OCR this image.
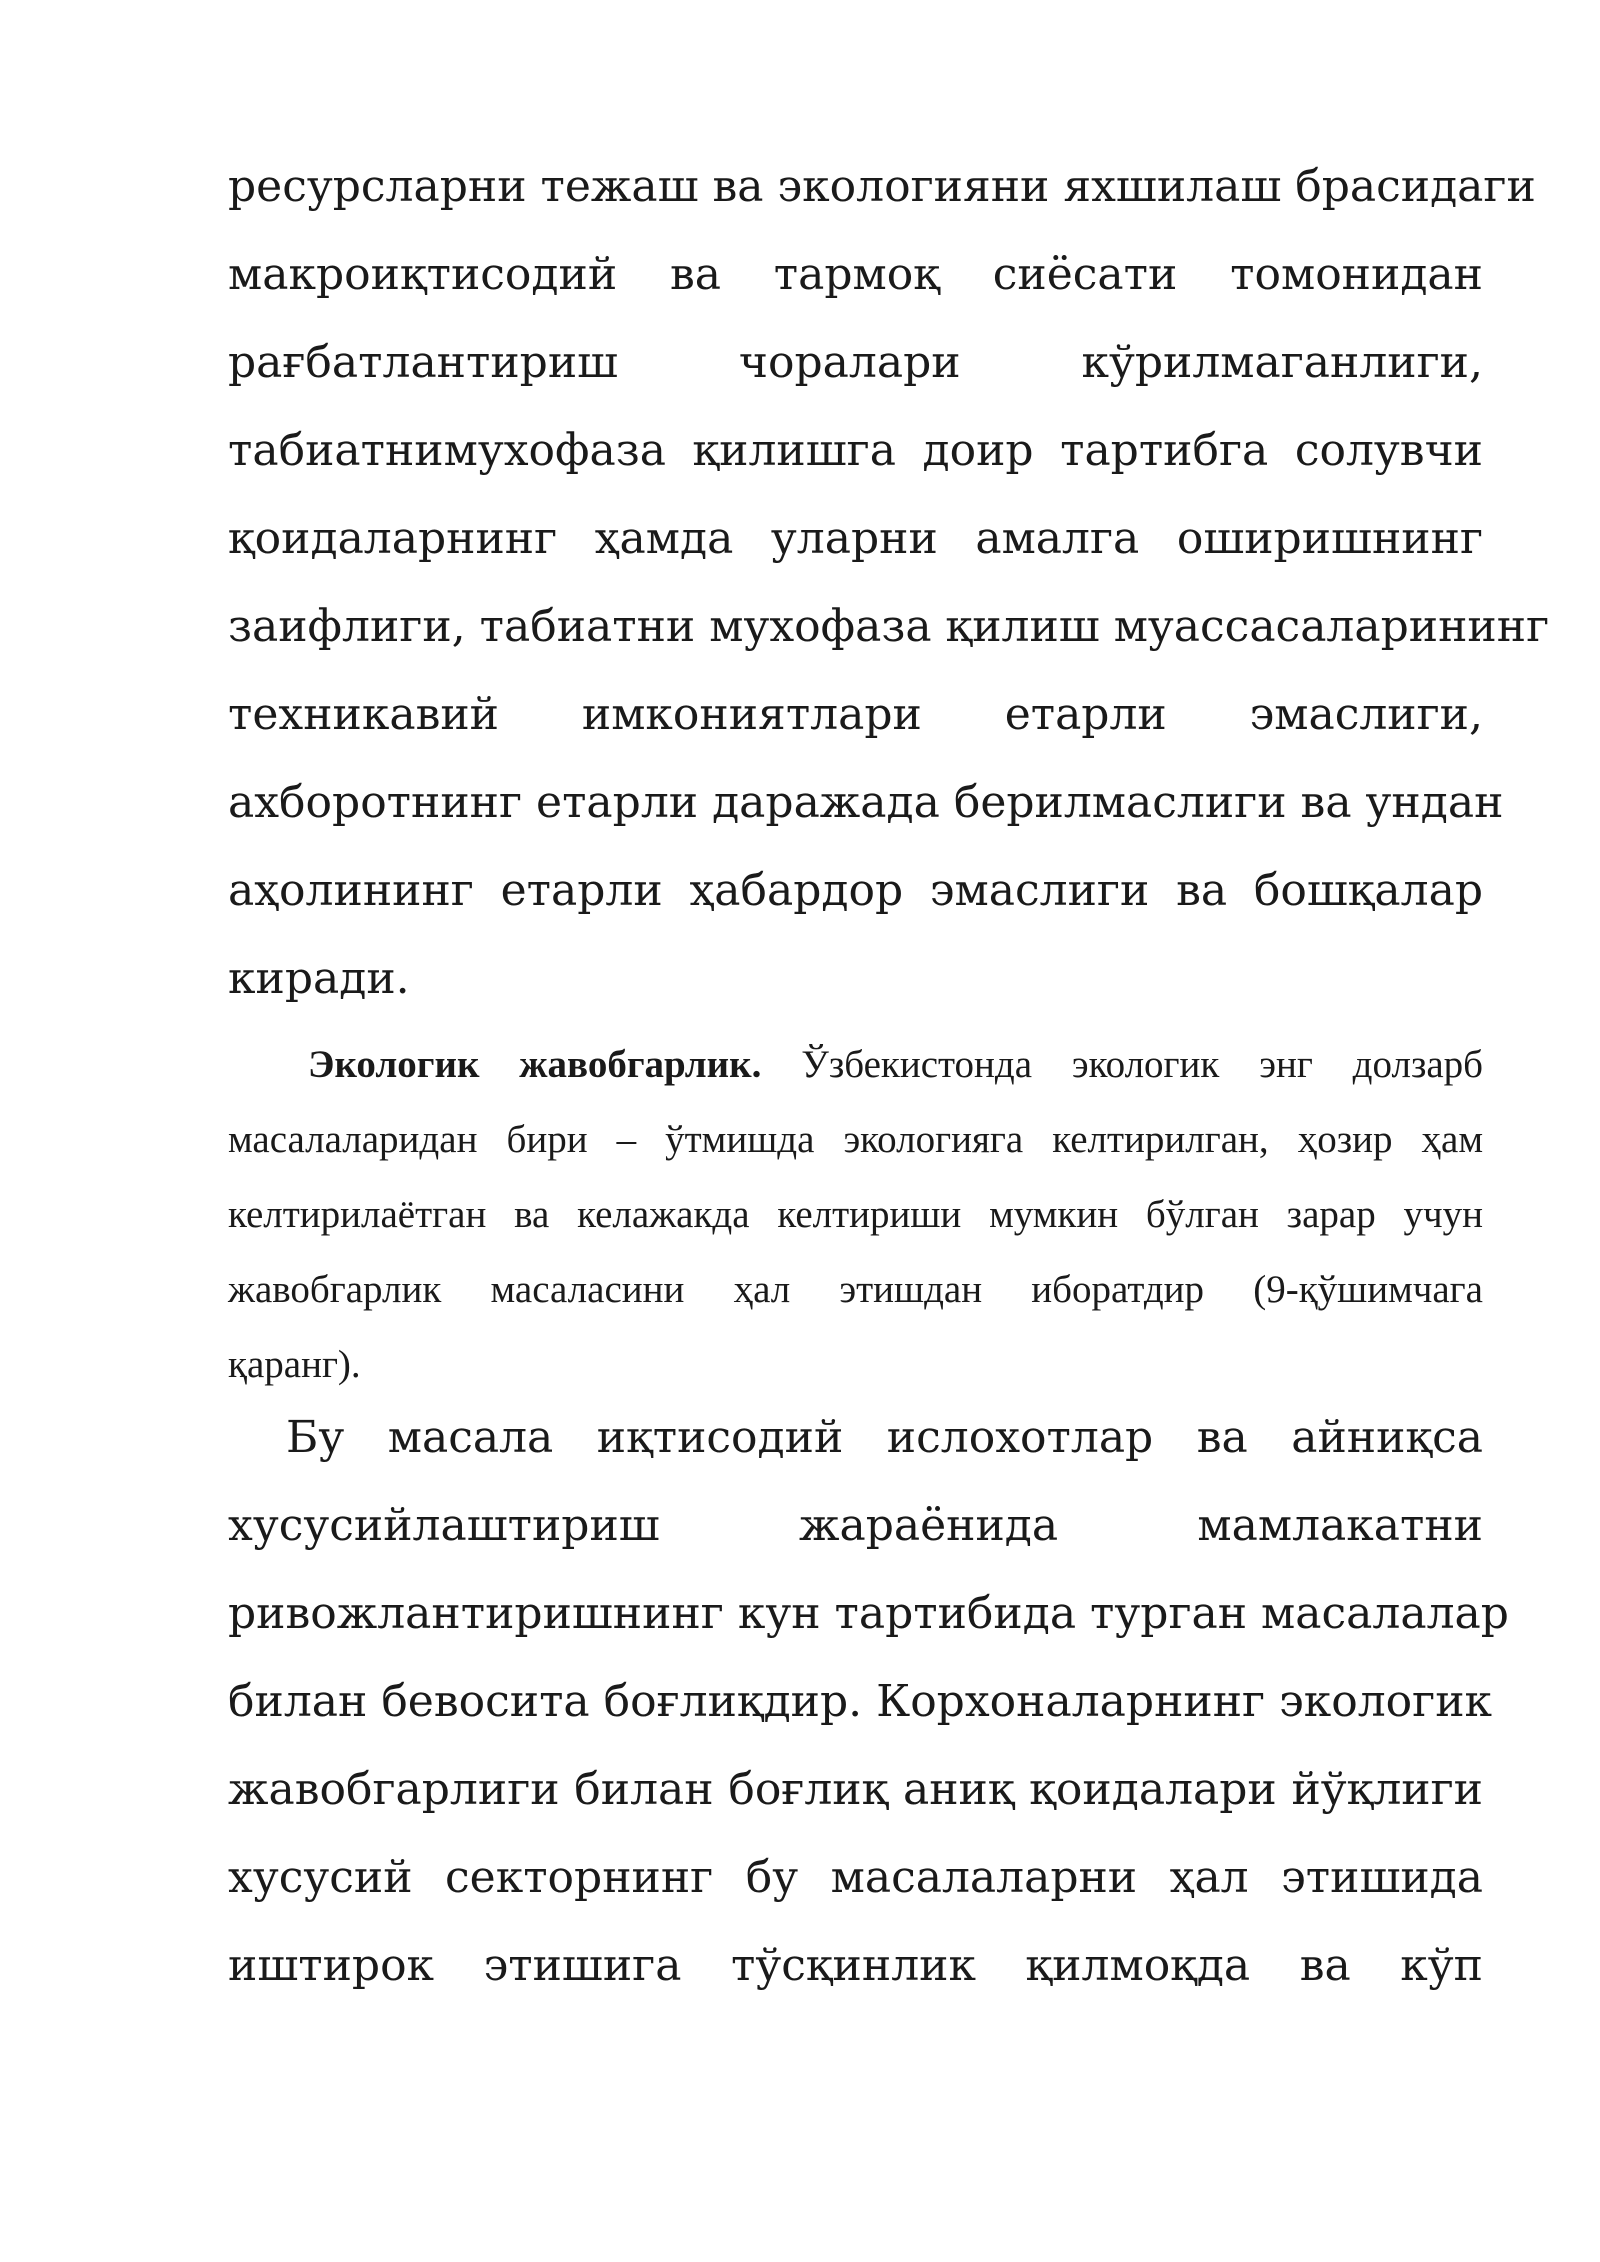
ресурсларни тежаш ва экологияни яхшилаш брасидаги
макроиқтисодий ва тармоқ сиёсати томонидан
рағбатлантириш чоралари кўрилмаганлиги,
табиатнимухофаза қилишга доир тартибга солувчи
қоидаларнинг ҳамда уларни амалга оширишнинг
заифлиги, табиатни мухофаза қилиш муассасаларининг
техникавий имкониятлари етарли эмаслиги,
ахборотнинг етарли даражада берилмаслиги ва ундан
аҳолининг етарли ҳабардор эмаслиги ва бошқалар
киради.
Экологик жавобгарлик. Ўзбекистонда экологик энг долзарб
масалаларидан бири – ўтмишда экологияга келтирилган, ҳозир ҳам
келтирилаётган ва келажакда келтириши мумкин бўлган зарар учун
жавобгарлик масаласини ҳал этишдан иборатдир (9-қўшимчага
қаранг).
Бу масала иқтисодий ислохотлар ва айниқса
хусусийлаштириш жараёнида мамлакатни
ривожлантиришнинг кун тартибида турган масалалар
билан бевосита боғлиқдир. Корхоналарнинг экологик
жавобгарлиги билан боғлиқ аниқ қоидалари йўқлиги
хусусий секторнинг бу масалаларни ҳал этишида
иштирок этишига тўсқинлик қилмоқда ва кўп
